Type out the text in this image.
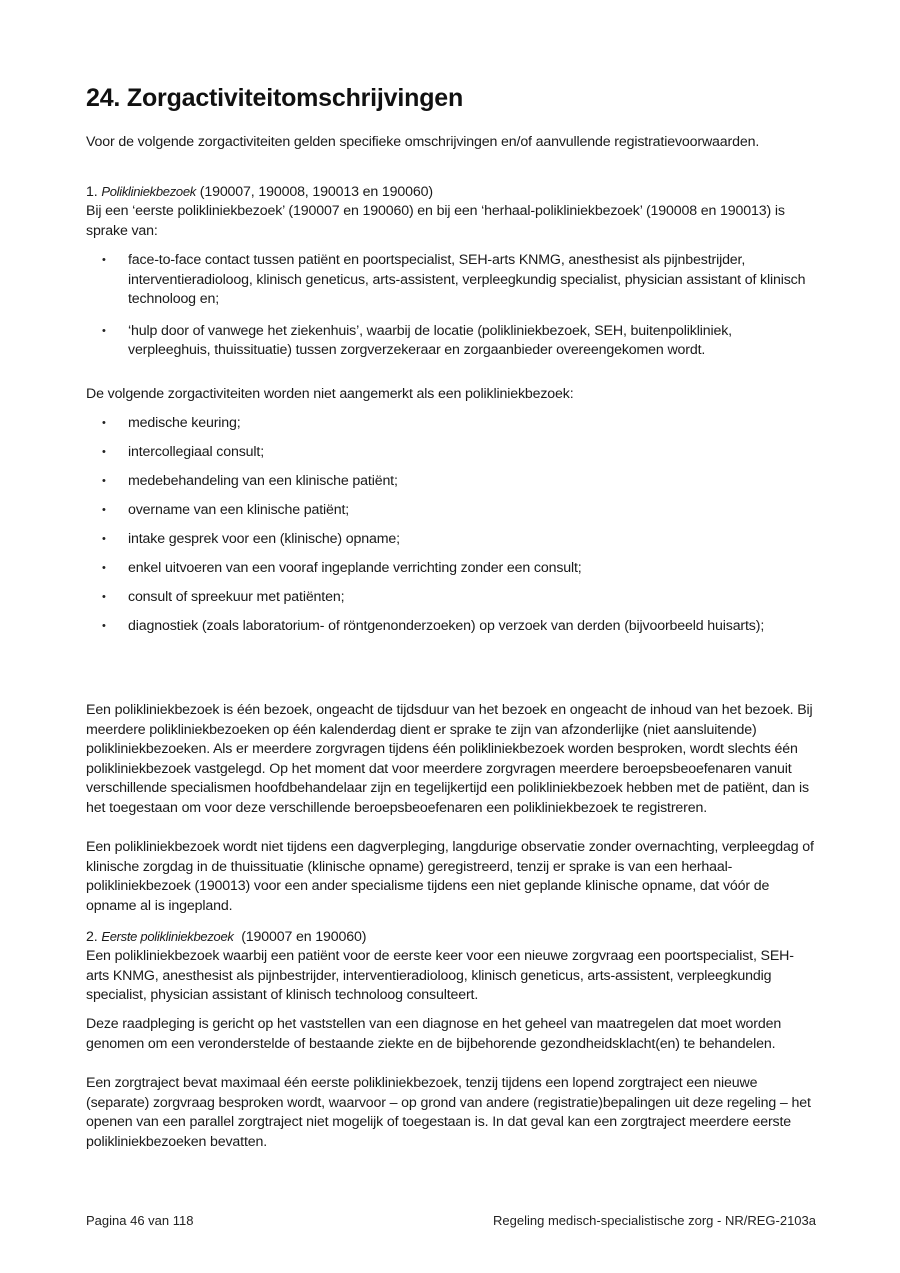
24. Zorgactiviteitomschrijvingen

Voor de volgende zorgactiviteiten gelden specifieke omschrijvingen en/of aanvullende registratievoorwaarden.

1. Polikliniekbezoek (190007, 190008, 190013 en 190060)

Bij een ‘eerste polikliniekbezoek’ (190007 en 190060) en bij een ‘herhaal-polikliniekbezoek’ (190008 en 190013) is sprake van:

• face-to-face contact tussen patiënt en poortspecialist, SEH-arts KNMG, anesthesist als pijnbestrijder, interventieradioloog, klinisch geneticus, arts-assistent, verpleegkundig specialist, physician assistant of klinisch technoloog en;
• ‘hulp door of vanwege het ziekenhuis’, waarbij de locatie (polikliniekbezoek, SEH, buitenpolikliniek, verpleeghuis, thuissituatie) tussen zorgverzekeraar en zorgaanbieder overeengekomen wordt.

De volgende zorgactiviteiten worden niet aangemerkt als een polikliniekbezoek:

• medische keuring;
• intercollegiaal consult;
• medebehandeling van een klinische patiënt;
• overname van een klinische patiënt;
• intake gesprek voor een (klinische) opname;
• enkel uitvoeren van een vooraf ingeplande verrichting zonder een consult;
• consult of spreekuur met patiënten;
• diagnostiek (zoals laboratorium- of röntgenonderzoeken) op verzoek van derden (bijvoorbeeld huisarts);

Een polikliniekbezoek is één bezoek, ongeacht de tijdsduur van het bezoek en ongeacht de inhoud van het bezoek. Bij meerdere polikliniekbezoeken op één kalenderdag dient er sprake te zijn van afzonderlijke (niet aansluitende) polikliniekbezoeken. Als er meerdere zorgvragen tijdens één polikliniekbezoek worden besproken, wordt slechts één polikliniekbezoek vastgelegd. Op het moment dat voor meerdere zorgvragen meerdere beroepsbeoefenaren vanuit verschillende specialismen hoofdbehandelaar zijn en tegelijkertijd een polikliniekbezoek hebben met de patiënt, dan is het toegestaan om voor deze verschillende beroepsbeoefenaren een polikliniekbezoek te registreren.

Een polikliniekbezoek wordt niet tijdens een dagverpleging, langdurige observatie zonder overnachting, verpleegdag of klinische zorgdag in de thuissituatie (klinische opname) geregistreerd, tenzij er sprake is van een herhaal-polikliniekbezoek (190013) voor een ander specialisme tijdens een niet geplande klinische opname, dat vóór de opname al is ingepland.

2. Eerste polikliniekbezoek (190007 en 190060)

Een polikliniekbezoek waarbij een patiënt voor de eerste keer voor een nieuwe zorgvraag een poortspecialist, SEH-arts KNMG, anesthesist als pijnbestrijder, interventieradioloog, klinisch geneticus, arts-assistent, verpleegkundig specialist, physician assistant of klinisch technoloog consulteert.

Deze raadpleging is gericht op het vaststellen van een diagnose en het geheel van maatregelen dat moet worden genomen om een veronderstelde of bestaande ziekte en de bijbehorende gezondheidsklacht(en) te behandelen.

Een zorgtraject bevat maximaal één eerste polikliniekbezoek, tenzij tijdens een lopend zorgtraject een nieuwe (separate) zorgvraag besproken wordt, waarvoor – op grond van andere (registratie)bepalingen uit deze regeling – het openen van een parallel zorgtraject niet mogelijk of toegestaan is. In dat geval kan een zorgtraject meerdere eerste polikliniekbezoeken bevatten.

Pagina 46 van 118	Regeling medisch-specialistische zorg - NR/REG-2103a
